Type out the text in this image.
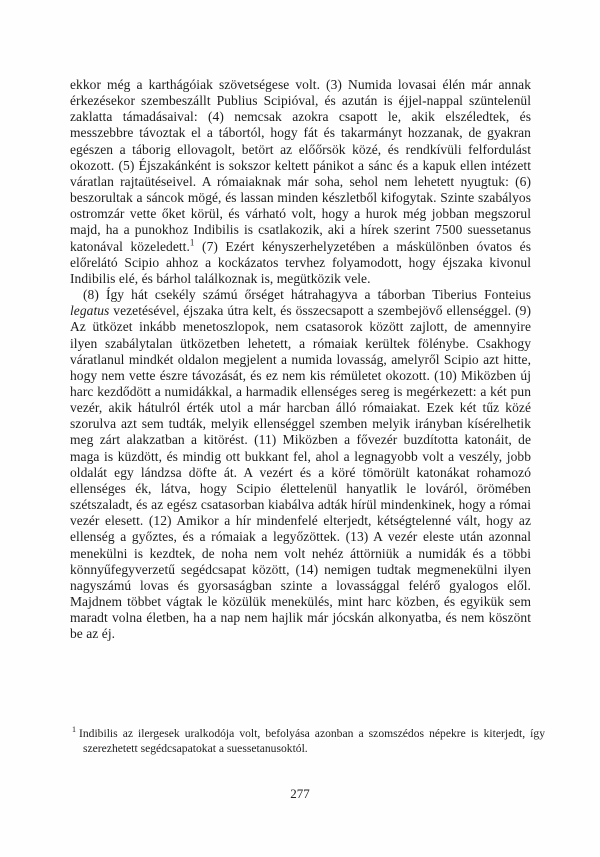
ekkor még a karthágóiak szövetségese volt. (3) Numida lovasai élén már annak érkezésekor szembeszállt Publius Scipióval, és azután is éjjel-nappal szüntelenül zaklatta támadásaival: (4) nemcsak azokra csapott le, akik elszéledtek, és messzebbre távoztak el a tábortól, hogy fát és takarmányt hozzanak, de gyakran egészen a táborig ellovagolt, betört az előőrsök közé, és rendkívüli felfordulást okozott. (5) Éjszakánként is sokszor keltett pánikot a sánc és a kapuk ellen intézett váratlan rajtaütéseivel. A rómaiaknak már soha, sehol nem lehetett nyugtuk: (6) beszorultak a sáncok mögé, és lassan minden készletből kifogytak. Szinte szabályos ostromzár vette őket körül, és várható volt, hogy a hurok még jobban megszorul majd, ha a punokhoz Indibilis is csatlakozik, aki a hírek szerint 7500 suessetanus katonával közeledett.$^1$ (7) Ezért kényszerhelyzetében a máskülönben óvatos és előrelátó Scipio ahhoz a kockázatos tervhez folyamodott, hogy éjszaka kivonul Indibilis elé, és bárhol találkoznak is, megütközik vele.

(8) Így hát csekély számú őrséget hátrahagyva a táborban Tiberius Fonteius legatus vezetésével, éjszaka útra kelt, és összecsapott a szembejövő ellenséggel. (9) Az ütközet inkább menetoszlopok, nem csatasorok között zajlott, de amennyire ilyen szabálytalan ütközetben lehetett, a rómaiak kerültek fölénybe. Csakhogy váratlanul mindkét oldalon megjelent a numida lovasság, amelyről Scipio azt hitte, hogy nem vette észre távozását, és ez nem kis rémületet okozott. (10) Miközben új harc kezdődött a numidákkal, a harmadik ellenséges sereg is megérkezett: a két pun vezér, akik hátulról érték utol a már harcban álló rómaiakat. Ezek két tűz közé szorulva azt sem tudták, melyik ellenséggel szemben melyik irányban kísérelhetik meg zárt alakzatban a kitörést. (11) Miközben a fővezér buzdította katonáit, de maga is küzdött, és mindig ott bukkant fel, ahol a legnagyobb volt a veszély, jobb oldalát egy lándzsa döfte át. A vezért és a köré tömörült katonákat rohamozó ellenséges ék, látva, hogy Scipio élettelenül hanyatlik le lováról, örömében szétszaladt, és az egész csatasorban kiabálva adták hírül mindenkinek, hogy a római vezér elesett. (12) Amikor a hír mindenfelé elterjedt, kétségtelenné vált, hogy az ellenség a győztes, és a rómaiak a legyőzöttek. (13) A vezér eleste után azonnal menekülni is kezdtek, de noha nem volt nehéz áttörniük a numidák és a többi könnyűfegyverzetű segédcsapat között, (14) nemigen tudtak megmenekülni ilyen nagyszámú lovas és gyorsaságban szinte a lovassággal felérő gyalogos elől. Majdnem többet vágtak le közülük menekülés, mint harc közben, és egyikük sem maradt volna életben, ha a nap nem hajlik már jócskán alkonyatba, és nem köszönt be az éj.

$^1$ Indibilis az ilergesek uralkodója volt, befolyása azonban a szomszédos népekre is kiterjedt, így szerezhetett segédcsapatokat a suessetanusoktól.
277
